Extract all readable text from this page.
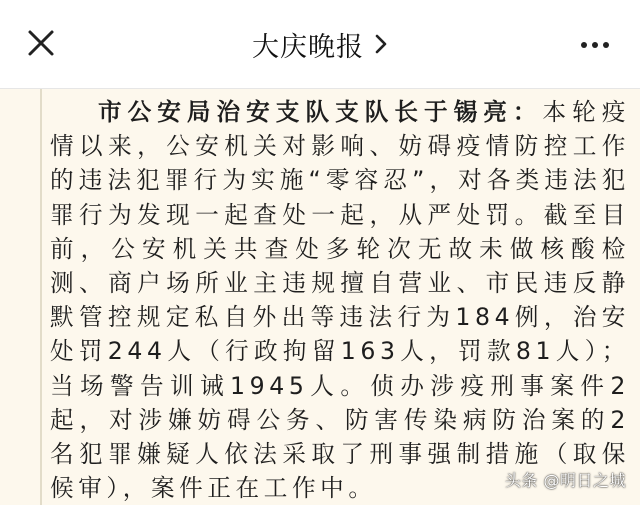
大庆晚报

市公安局治安支队支队长于锡亮：本轮疫情以来，公安机关对影响、妨碍疫情防控工作的违法犯罪行为实施“零容忍”，对各类违法犯罪行为发现一起查处一起，从严处罚。截至目前，公安机关共查处多轮次无故未做核酸检测、商户场所业主违规擅自营业、市民违反静默管控规定私自外出等违法行为184例，治安处罚244人（行政拘留163人，罚款81人）；当场警告训诫1945人。侦办涉疫刑事案件2起，对涉嫌妨碍公务、防害传染病防治案的2名犯罪嫌疑人依法采取了刑事强制措施（取保候审），案件正在工作中。	头条 @明日之城
